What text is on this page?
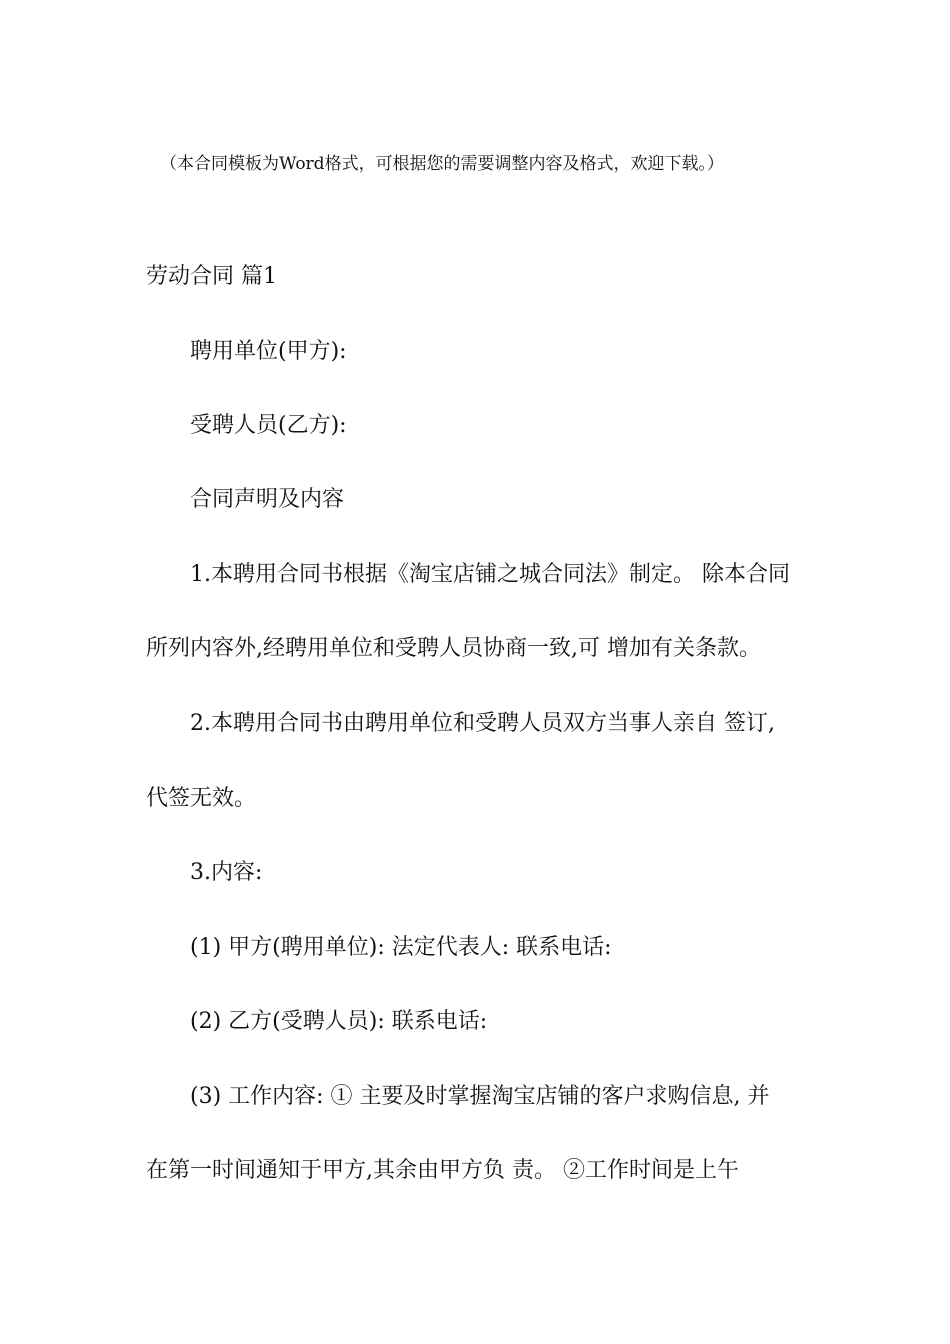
（本合同模板为Word格式，可根据您的需要调整内容及格式，欢迎下载。）
劳动合同 篇1
聘用单位(甲方):
受聘人员(乙方):
合同声明及内容
1.本聘用合同书根据《淘宝店铺之城合同法》制定。 除本合同
所列内容外,经聘用单位和受聘人员协商一致,可 增加有关条款。
2.本聘用合同书由聘用单位和受聘人员双方当事人亲自 签订,
代签无效。
3.内容:
(1) 甲方(聘用单位): 法定代表人: 联系电话:
(2) 乙方(受聘人员): 联系电话:
(3) 工作内容: ① 主要及时掌握淘宝店铺的客户求购信息, 并
在第一时间通知于甲方,其余由甲方负 责。 ②工作时间是上午
